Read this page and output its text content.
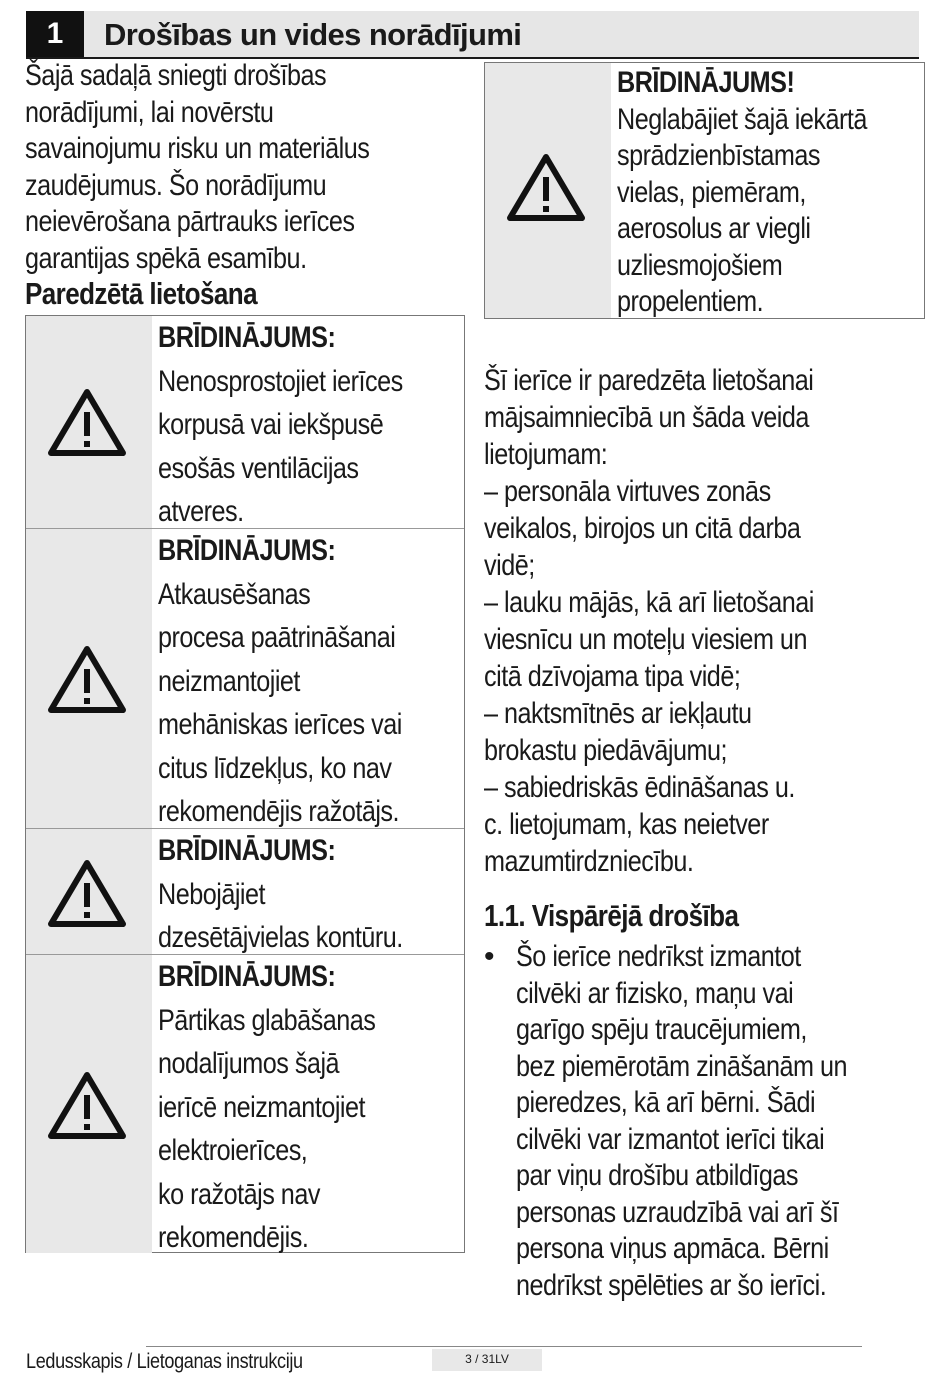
1	Drošības un vides norādījumi
Šajā sadaļā sniegti drošības
norādījumi, lai novērstu
savainojumu risku un materiālus
zaudējumus. Šo norādījumu
neievērošana pārtrauks ierīces
garantijas spēkā esamību.
Paredzētā lietošana
BRĪDINĀJUMS:
Nenosprostojiet ierīces
korpusā vai iekšpusē
esošās ventilācijas
atveres.
BRĪDINĀJUMS:
Atkausēšanas
procesa paātrināšanai
neizmantojiet
mehāniskas ierīces vai
citus līdzekļus, ko nav
rekomendējis ražotājs.
BRĪDINĀJUMS:
Nebojājiet
dzesētājvielas kontūru.
BRĪDINĀJUMS:
Pārtikas glabāšanas
nodalījumos šajā
ierīcē neizmantojiet
elektroierīces,
ko ražotājs nav
rekomendējis.
BRĪDINĀJUMS!
Neglabājiet šajā iekārtā
sprādzienbīstamas
vielas, piemēram,
aerosolus ar viegli
uzliesmojošiem
propelentiem.
Šī ierīce ir paredzēta lietošanai
mājsaimniecībā un šāda veida
lietojumam:
– personāla virtuves zonās
veikalos, birojos un citā darba
vidē;
– lauku mājās, kā arī lietošanai
viesnīcu un moteļu viesiem un
citā dzīvojama tipa vidē;
– naktsmītnēs ar iekļautu
brokastu piedāvājumu;
– sabiedriskās ēdināšanas u.
c. lietojumam, kas neietver
mazumtirdzniecību.
1.1. Vispārējā drošība
• Šo ierīce nedrīkst izmantot
cilvēki ar fizisko, maņu vai
garīgo spēju traucējumiem,
bez piemērotām zināšanām un
pieredzes, kā arī bērni. Šādi
cilvēki var izmantot ierīci tikai
par viņu drošību atbildīgas
personas uzraudzībā vai arī šī
persona viņus apmāca. Bērni
nedrīkst spēlēties ar šo ierīci.
Ledusskapis / Lietoganas instrukciju	3 / 31LV
